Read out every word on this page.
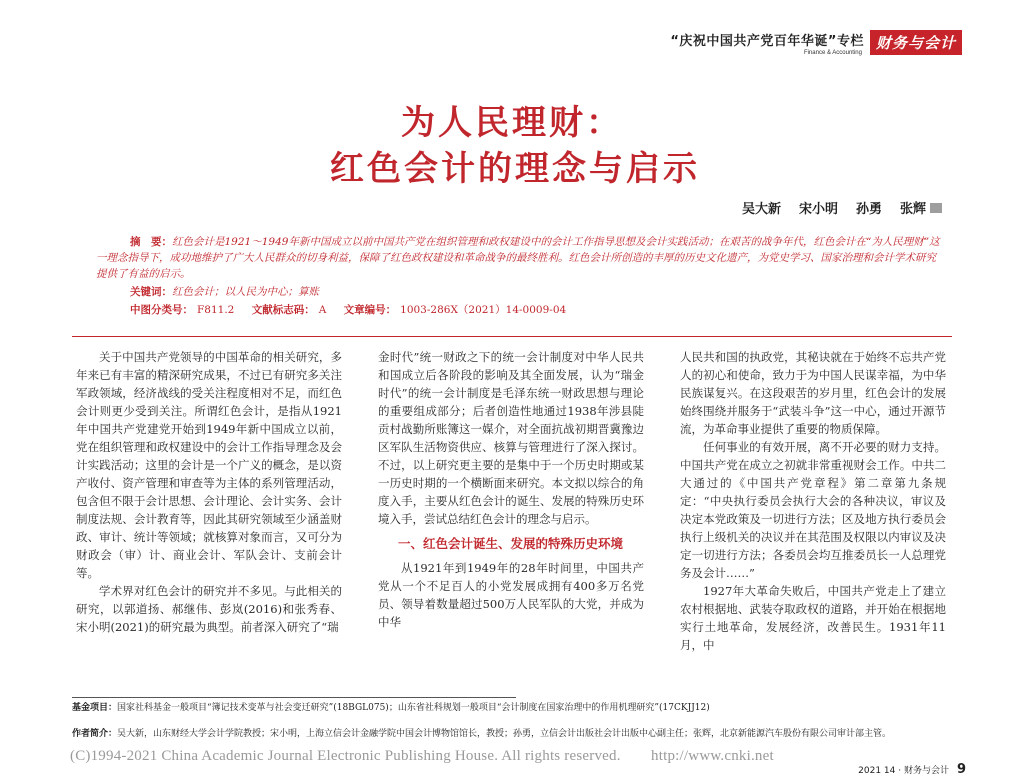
“庆祝中国共产党百年华诞”专栏
Finance & Accounting
财务与会计
为人民理财：
红色会计的理念与启示
吴大新 宋小明 孙勇 张辉

摘　要：红色会计是1921～1949年新中国成立以前中国共产党在组织管理和政权建设中的会计工作指导思想及会计实践活动；在艰苦的战争年代，红色会计在“为人民理财”这一理念指导下，成功地维护了广大人民群众的切身利益，保障了红色政权建设和革命战争的最终胜利。红色会计所创造的丰厚的历史文化遗产，为党史学习、国家治理和会计学术研究提供了有益的启示。

关键词：红色会计；以人民为中心；算账
中图分类号： F811.2 文献标志码： A 文章编号： 1003-286X（2021）14-0009-04

关于中国共产党领导的中国革命的相关研究，多年来已有丰富的精深研究成果，不过已有研究多关注军政领域，经济战线的受关注程度相对不足，而红色会计则更少受到关注。所谓红色会计，是指从1921年中国共产党建党开始到1949年新中国成立以前，党在组织管理和政权建设中的会计工作指导理念及会计实践活动；这里的会计是一个广义的概念，是以资产收付、资产管理和审查等为主体的系列管理活动，包含但不限于会计思想、会计理论、会计实务、会计制度法规、会计教育等，因此其研究领域至少涵盖财政、审计、统计等领域；就核算对象而言，又可分为财政会（审）计、商业会计、军队会计、支前会计等。

学术界对红色会计的研究并不多见。与此相关的研究，以郭道扬、郝继伟、彭岚(2016)和张秀春、宋小明(2021)的研究最为典型。前者深入研究了“瑞

金时代”统一财政之下的统一会计制度对中华人民共和国成立后各阶段的影响及其全面发展，认为“瑞金时代”的统一会计制度是毛泽东统一财政思想与理论的重要组成部分；后者创造性地通过1938年涉县陡贡村战勤所账簿这一媒介，对全面抗战初期晋冀豫边区军队生活物资供应、核算与管理进行了深入探讨。不过，以上研究更主要的是集中于一个历史时期或某一历史时期的一个横断面来研究。本文拟以综合的角度入手，主要从红色会计的诞生、发展的特殊历史环境入手，尝试总结红色会计的理念与启示。

一、红色会计诞生、发展的特殊历史环境

从1921年到1949年的28年时间里，中国共产党从一个不足百人的小党发展成拥有400多万名党员、领导着数量超过500万人民军队的大党，并成为中华

人民共和国的执政党，其秘诀就在于始终不忘共产党人的初心和使命，致力于为中国人民谋幸福，为中华民族谋复兴。在这段艰苦的岁月里，红色会计的发展始终围绕并服务于“武装斗争”这一中心，通过开源节流，为革命事业提供了重要的物质保障。

任何事业的有效开展，离不开必要的财力支持。中国共产党在成立之初就非常重视财会工作。中共二大通过的《中国共产党章程》第二章第九条规定：“中央执行委员会执行大会的各种决议，审议及决定本党政策及一切进行方法；区及地方执行委员会执行上级机关的决议并在其范围及权限以内审议及决定一切进行方法；各委员会均互推委员长一人总理党务及会计……”

1927年大革命失败后，中国共产党走上了建立农村根据地、武装夺取政权的道路，并开始在根据地实行土地革命，发展经济，改善民生。1931年11月，中

基金项目：国家社科基金一般项目“簿记技术变革与社会变迁研究”(18BGL075)；山东省社科规划一般项目“会计制度在国家治理中的作用机理研究”(17CKJJ12)
作者简介：吴大新，山东财经大学会计学院教授；宋小明，上海立信会计金融学院中国会计博物馆馆长，教授；孙勇，立信会计出版社会计出版中心副主任；张辉，北京新能源汽车股份有限公司审计部主管。
(C)1994-2021 China Academic Journal Electronic Publishing House. All rights reserved.　　http://www.cnki.net
2021 14 · 财务与会计 9
